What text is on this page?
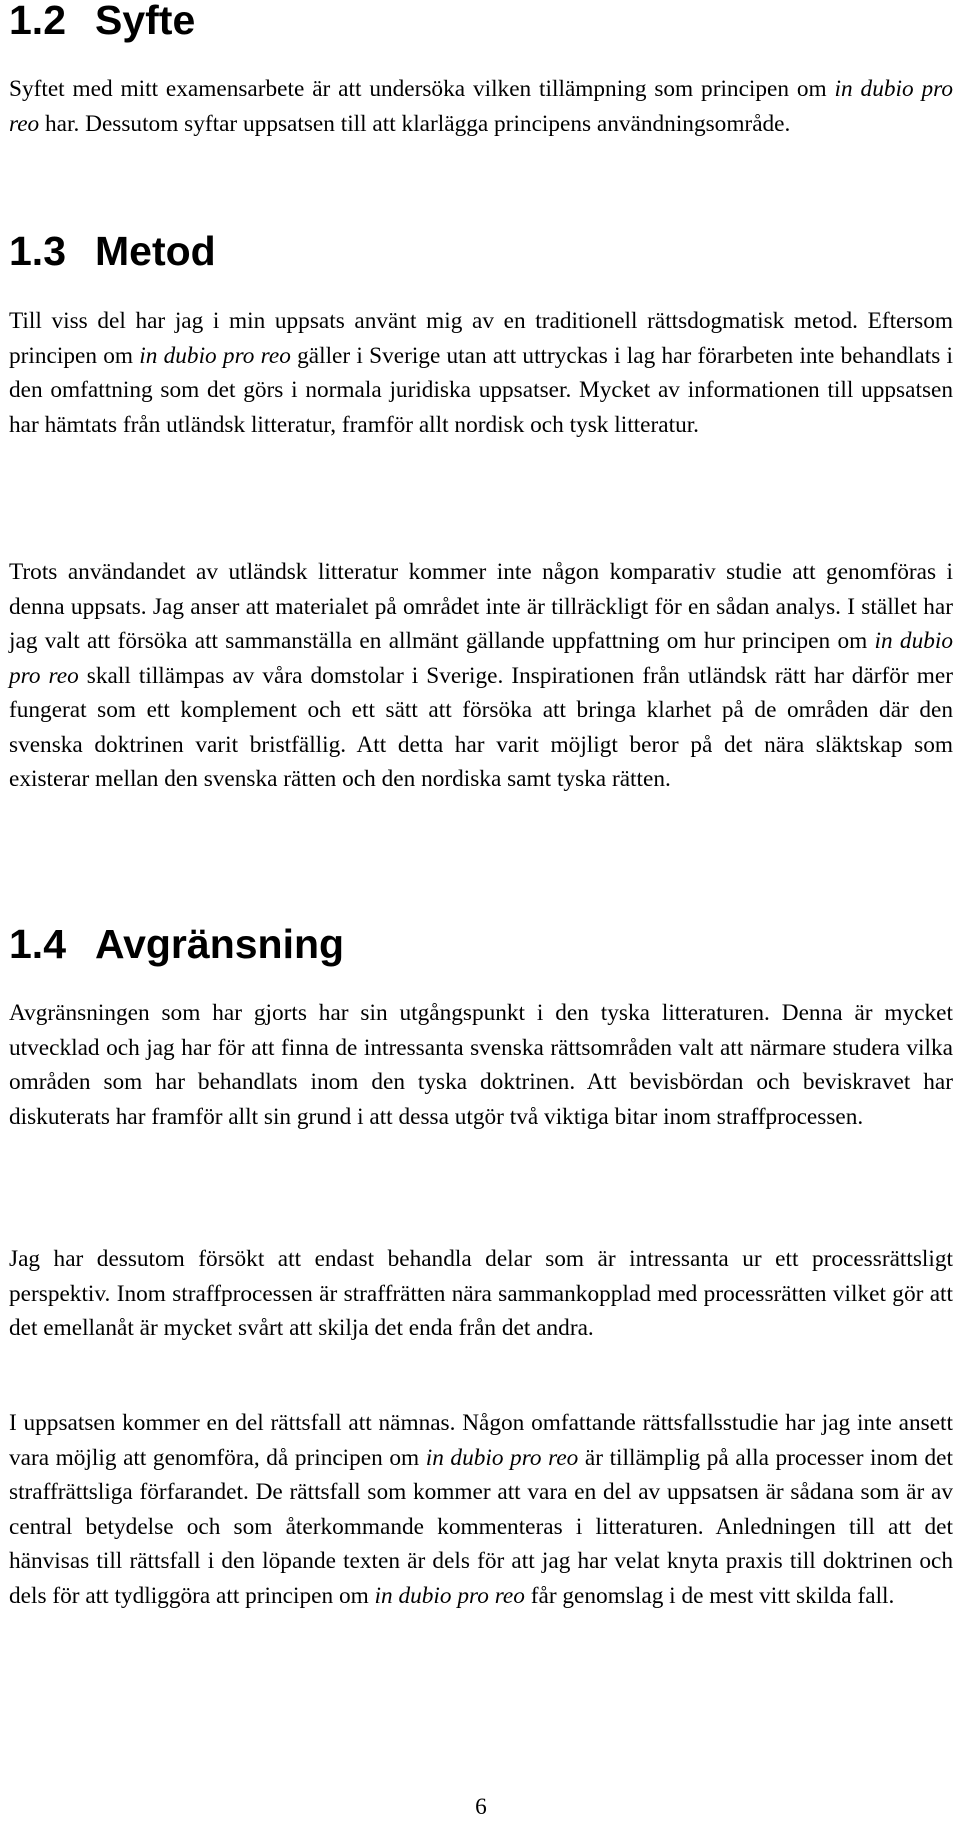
1.2 Syfte

Syftet med mitt examensarbete är att undersöka vilken tillämpning som principen om in dubio pro reo har. Dessutom syftar uppsatsen till att klarlägga principens användningsområde.

1.3 Metod

Till viss del har jag i min uppsats använt mig av en traditionell rättsdogmatisk metod. Eftersom principen om in dubio pro reo gäller i Sverige utan att uttryckas i lag har förarbeten inte behandlats i den omfattning som det görs i normala juridiska uppsatser. Mycket av informationen till uppsatsen har hämtats från utländsk litteratur, framför allt nordisk och tysk litteratur.

Trots användandet av utländsk litteratur kommer inte någon komparativ studie att genomföras i denna uppsats. Jag anser att materialet på området inte är tillräckligt för en sådan analys. I stället har jag valt att försöka att sammanställa en allmänt gällande uppfattning om hur principen om in dubio pro reo skall tillämpas av våra domstolar i Sverige. Inspirationen från utländsk rätt har därför mer fungerat som ett komplement och ett sätt att försöka att bringa klarhet på de områden där den svenska doktrinen varit bristfällig. Att detta har varit möjligt beror på det nära släktskap som existerar mellan den svenska rätten och den nordiska samt tyska rätten.

1.4 Avgränsning

Avgränsningen som har gjorts har sin utgångspunkt i den tyska litteraturen. Denna är mycket utvecklad och jag har för att finna de intressanta svenska rättsområden valt att närmare studera vilka områden som har behandlats inom den tyska doktrinen. Att bevisbördan och beviskravet har diskuterats har framför allt sin grund i att dessa utgör två viktiga bitar inom straffprocessen.

Jag har dessutom försökt att endast behandla delar som är intressanta ur ett processrättsligt perspektiv. Inom straffprocessen är straffrätten nära sammankopplad med processrätten vilket gör att det emellanåt är mycket svårt att skilja det enda från det andra.

I uppsatsen kommer en del rättsfall att nämnas. Någon omfattande rättsfallsstudie har jag inte ansett vara möjlig att genomföra, då principen om in dubio pro reo är tillämplig på alla processer inom det straffrättsliga förfarandet. De rättsfall som kommer att vara en del av uppsatsen är sådana som är av central betydelse och som återkommande kommenteras i litteraturen. Anledningen till att det hänvisas till rättsfall i den löpande texten är dels för att jag har velat knyta praxis till doktrinen och dels för att tydliggöra att principen om in dubio pro reo får genomslag i de mest vitt skilda fall.

6
